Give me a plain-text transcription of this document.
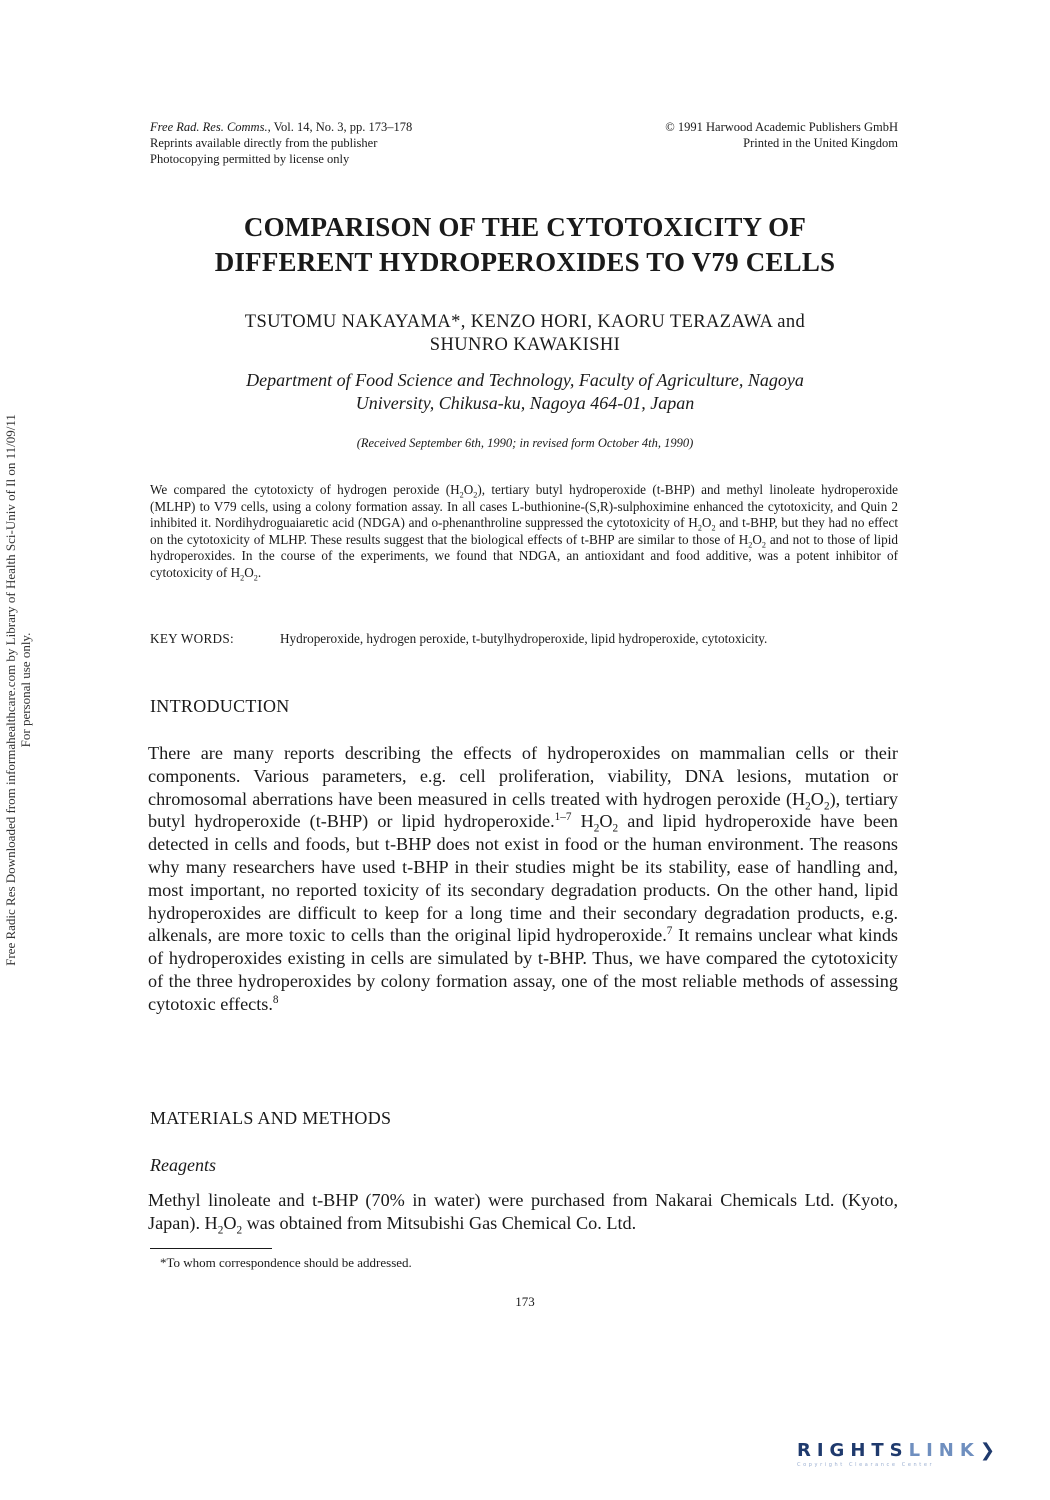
Free Rad. Res. Comms., Vol. 14, No. 3, pp. 173–178
Reprints available directly from the publisher
Photocopying permitted by license only
© 1991 Harwood Academic Publishers GmbH
Printed in the United Kingdom
COMPARISON OF THE CYTOTOXICITY OF
DIFFERENT HYDROPEROXIDES TO V79 CELLS
TSUTOMU NAKAYAMA*, KENZO HORI, KAORU TERAZAWA and
SHUNRO KAWAKISHI
Department of Food Science and Technology, Faculty of Agriculture, Nagoya
University, Chikusa-ku, Nagoya 464-01, Japan
(Received September 6th, 1990; in revised form October 4th, 1990)
We compared the cytotoxicty of hydrogen peroxide $(H_2O_2)$, tertiary butyl hydroperoxide (t-BHP) and methyl linoleate hydroperoxide (MLHP) to V79 cells, using a colony formation assay. In all cases L-buthionine-(S,R)-sulphoximine enhanced the cytotoxicity, and Quin 2 inhibited it. Nordihydroguaiaretic acid (NDGA) and o-phenanthroline suppressed the cytotoxicity of $H_2O_2$ and t-BHP, but they had no effect on the cytotoxicity of MLHP. These results suggest that the biological effects of t-BHP are similar to those of $H_2O_2$ and not to those of lipid hydroperoxides. In the course of the experiments, we found that NDGA, an antioxidant and food additive, was a potent inhibitor of cytotoxicity of $H_2O_2$.
KEY WORDS:	Hydroperoxide, hydrogen peroxide, t-butylhydroperoxide, lipid hydroperoxide, cytotoxicity.
INTRODUCTION
There are many reports describing the effects of hydroperoxides on mammalian cells or their components. Various parameters, e.g. cell proliferation, viability, DNA lesions, mutation or chromosomal aberrations have been measured in cells treated with hydrogen peroxide $(H_2O_2)$, tertiary butyl hydroperoxide (t-BHP) or lipid hydroperoxide.$^{1-7}$ $H_2O_2$ and lipid hydroperoxide have been detected in cells and foods, but t-BHP does not exist in food or the human environment. The reasons why many researchers have used t-BHP in their studies might be its stability, ease of handling and, most important, no reported toxicity of its secondary degradation products. On the other hand, lipid hydroperoxides are difficult to keep for a long time and their secondary degradation products, e.g. alkenals, are more toxic to cells than the original lipid hydroperoxide.$^7$ It remains unclear what kinds of hydroperoxides existing in cells are simulated by t-BHP. Thus, we have compared the cytotoxicity of the three hydroperoxides by colony formation assay, one of the most reliable methods of assessing cytotoxic effects.$^8$
MATERIALS AND METHODS
Reagents
Methyl linoleate and t-BHP (70% in water) were purchased from Nakarai Chemicals Ltd. (Kyoto, Japan). $H_2O_2$ was obtained from Mitsubishi Gas Chemical Co. Ltd.
*To whom correspondence should be addressed.
173
Free Radic Res Downloaded from informahealthcare.com by Library of Health Sci-Univ of Il on 11/09/11 For personal use only.
RIGHTSLINK❯
Copyright Clearance Center
